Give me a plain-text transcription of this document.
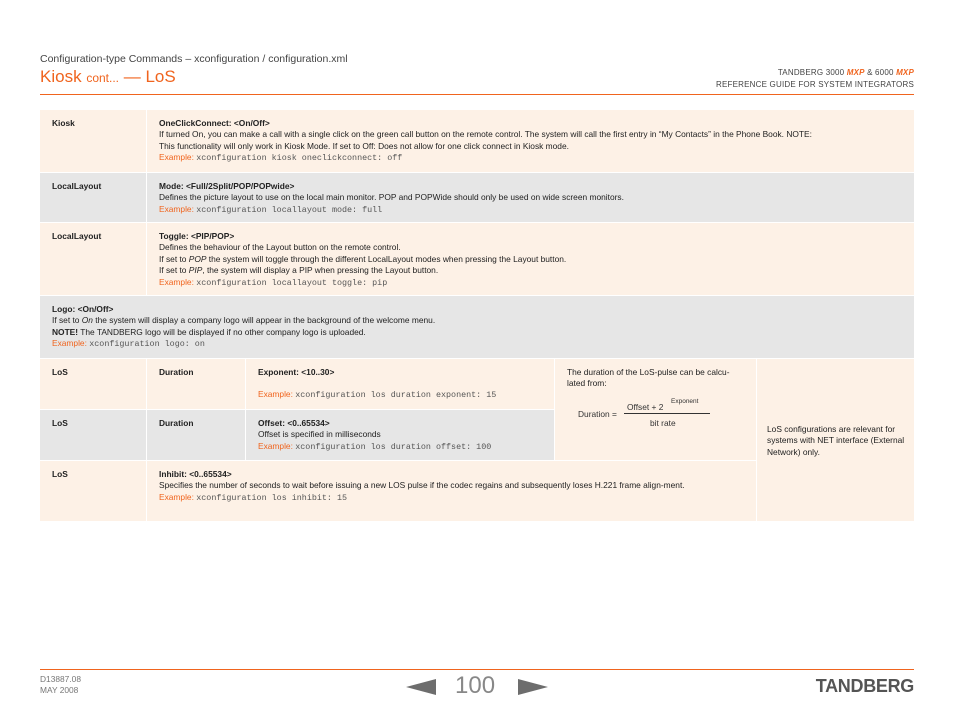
Configuration-type Commands – xconfiguration / configuration.xml
Kiosk cont... — LoS	TANDBERG 3000 MXP & 6000 MXP
REFERENCE GUIDE FOR SYSTEM INTEGRATORS
Kiosk	OneClickConnect: <On/Off>
If turned On, you can make a call with a single click on the green call button on the remote control. The system will call the first entry in “My Contacts” in the Phone Book. NOTE:
This functionality will only work in Kiosk Mode. If set to Off: Does not allow for one click connect in Kiosk mode.
Example: xconfiguration kiosk oneclickconnect: off
LocalLayout	Mode: <Full/2Split/POP/POPwide>
Defines the picture layout to use on the local main monitor. POP and POPWide should only be used on wide screen monitors.
Example: xconfiguration locallayout mode: full
LocalLayout	Toggle: <PIP/POP>
Defines the behaviour of the Layout button on the remote control.
If set to POP the system will toggle through the different LocalLayout modes when pressing the Layout button.
If set to PIP, the system will display a PIP when pressing the Layout button.
Example: xconfiguration locallayout toggle: pip
Logo: <On/Off>
If set to On the system will display a company logo will appear in the background of the welcome menu.
NOTE! The TANDBERG logo will be displayed if no other company logo is uploaded.
Example: xconfiguration logo: on
LoS	Duration	Exponent: <10..30>
Example: xconfiguration los duration exponent: 15
The duration of the LoS-pulse can be calcu-lated from:
Duration =
Offset + 2
Exponent
bit rate
LoS configurations are relevant for systems with NET interface (External Network) only.
LoS	Duration	Offset: <0..65534>
Offset is specified in milliseconds
Example: xconfiguration los duration offset: 100
LoS	Inhibit: <0..65534>
Specifies the number of seconds to wait before issuing a new LOS pulse if the codec regains and subsequently loses H.221 frame align-ment.
Example: xconfiguration los inhibit: 15
D13887.08
MAY 2008	100	TANDBERG
